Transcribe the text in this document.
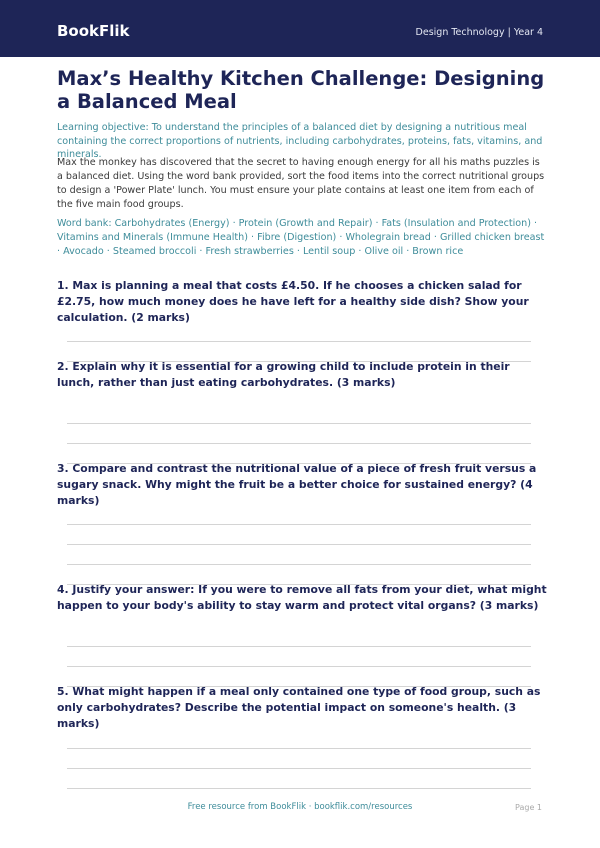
BookFlik	Design Technology | Year 4
Max’s Healthy Kitchen Challenge: Designing a Balanced Meal

Learning objective: To understand the principles of a balanced diet by designing a nutritious meal containing the correct proportions of nutrients, including carbohydrates, proteins, fats, vitamins, and minerals.

Max the monkey has discovered that the secret to having enough energy for all his maths puzzles is a balanced diet. Using the word bank provided, sort the food items into the correct nutritional groups to design a 'Power Plate' lunch. You must ensure your plate contains at least one item from each of the five main food groups.

Word bank: Carbohydrates (Energy) · Protein (Growth and Repair) · Fats (Insulation and Protection) · Vitamins and Minerals (Immune Health) · Fibre (Digestion) · Wholegrain bread · Grilled chicken breast · Avocado · Steamed broccoli · Fresh strawberries · Lentil soup · Olive oil · Brown rice

1. Max is planning a meal that costs £4.50. If he chooses a chicken salad for £2.75, how much money does he have left for a healthy side dish? Show your calculation. (2 marks)

2. Explain why it is essential for a growing child to include protein in their lunch, rather than just eating carbohydrates. (3 marks)

3. Compare and contrast the nutritional value of a piece of fresh fruit versus a sugary snack. Why might the fruit be a better choice for sustained energy? (4 marks)

4. Justify your answer: If you were to remove all fats from your diet, what might happen to your body's ability to stay warm and protect vital organs? (3 marks)

5. What might happen if a meal only contained one type of food group, such as only carbohydrates? Describe the potential impact on someone's health. (3 marks)

Free resource from BookFlik · bookflik.com/resources	Page 1
